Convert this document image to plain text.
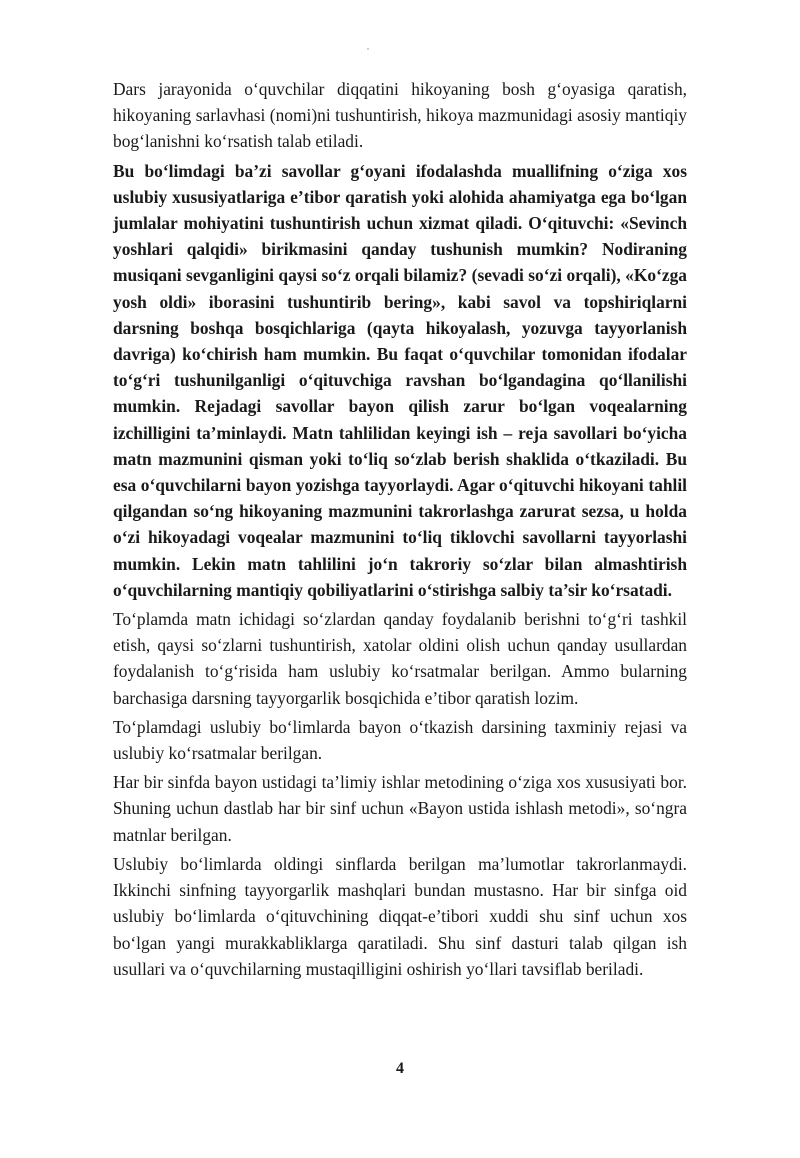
Dars jarayonida o‘quvchilar diqqatini hikoyaning bosh g‘oyasiga qaratish, hikoyaning sarlavhasi (nomi)ni tushuntirish, hikoya mazmunidagi asosiy mantiqiy bog‘lanishni ko‘rsatish talab etiladi.

Bu bo‘limdagi ba’zi savollar g‘oyani ifodalashda muallifning o‘ziga xos uslubiy xususiyatlariga e’tibor qaratish yoki alohida ahamiyatga ega bo‘lgan jumlalar mohiyatini tushuntirish uchun xizmat qiladi. O‘qituvchi: «Sevinch yoshlari qalqidi» birikmasini qanday tushunish mumkin? Nodiraning musiqani sevganligini qaysi so‘z orqali bilamiz? (sevadi so‘zi orqali), «Ko‘zga yosh oldi» iborasini tushuntirib bering», kabi savol va topshiriqlarni darsning boshqa bosqichlariga (qayta hikoyalash, yozuvga tayyorlanish davriga) ko‘chirish ham mumkin. Bu faqat o‘quvchilar tomonidan ifodalar to‘g‘ri tushunilganligi o‘qituvchiga ravshan bo‘lgandagina qo‘llanilishi mumkin. Rejadagi savollar bayon qilish zarur bo‘lgan voqealarning izchilligini ta’minlaydi. Matn tahlilidan keyingi ish – reja savollari bo‘yicha matn mazmunini qisman yoki to‘liq so‘zlab berish shaklida o‘tkaziladi. Bu esa o‘quvchilarni bayon yozishga tayyorlaydi. Agar o‘qituvchi hikoyani tahlil qilgandan so‘ng hikoyaning mazmunini takrorlashga zarurat sezsa, u holda o‘zi hikoyadagi voqealar mazmunini to‘liq tiklovchi savollarni tayyorlashi mumkin. Lekin matn tahlilini jo‘n takroriy so‘zlar bilan almashtirish o‘quvchilarning mantiqiy qobiliyatlarini o‘stirishga salbiy ta’sir ko‘rsatadi.

To‘plamda matn ichidagi so‘zlardan qanday foydalanib berishni to‘g‘ri tashkil etish, qaysi so‘zlarni tushuntirish, xatolar oldini olish uchun qanday usullardan foydalanish to‘g‘risida ham uslubiy ko‘rsatmalar berilgan. Ammo bularning barchasiga darsning tayyorgarlik bosqichida e’tibor qaratish lozim.

To‘plamdagi uslubiy bo‘limlarda bayon o‘tkazish darsining taxminiy rejasi va uslubiy ko‘rsatmalar berilgan.

Har bir sinfda bayon ustidagi ta’limiy ishlar metodining o‘ziga xos xususiyati bor. Shuning uchun dastlab har bir sinf uchun «Bayon ustida ishlash metodi», so‘ngra matnlar berilgan.

Uslubiy bo‘limlarda oldingi sinflarda berilgan ma’lumotlar takrorlanmaydi. Ikkinchi sinfning tayyorgarlik mashqlari bundan mustasno. Har bir sinfga oid uslubiy bo‘limlarda o‘qituvchining diqqat-e’tibori xuddi shu sinf uchun xos bo‘lgan yangi murakkabliklarga qaratiladi. Shu sinf dasturi talab qilgan ish usullari va o‘quvchilarning mustaqilligini oshirish yo‘llari tavsiflab beriladi.

4
